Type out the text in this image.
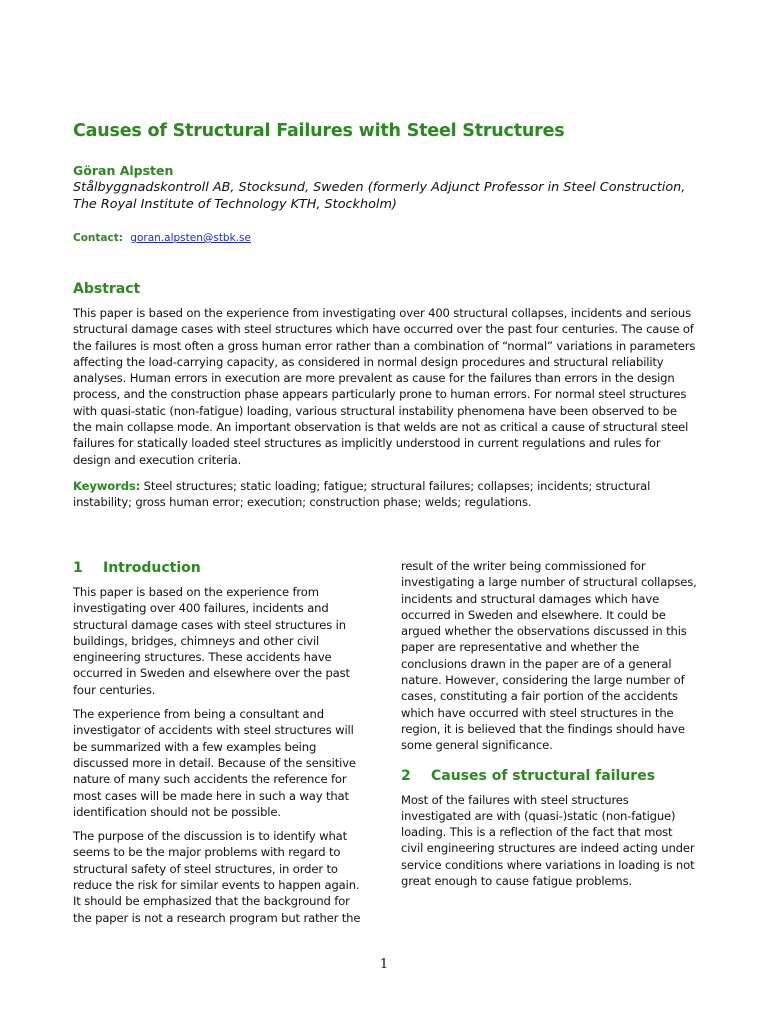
Causes of Structural Failures with Steel Structures

Göran Alpsten

Stålbyggnadskontroll AB, Stocksund, Sweden (formerly Adjunct Professor in Steel Construction,
The Royal Institute of Technology KTH, Stockholm)

Contact: goran.alpsten@stbk.se

Abstract

This paper is based on the experience from investigating over 400 structural collapses, incidents and serious structural damage cases with steel structures which have occurred over the past four centuries. The cause of the failures is most often a gross human error rather than a combination of “normal” variations in parameters affecting the load-carrying capacity, as considered in normal design procedures and structural reliability analyses. Human errors in execution are more prevalent as cause for the failures than errors in the design process, and the construction phase appears particularly prone to human errors. For normal steel structures with quasi-static (non-fatigue) loading, various structural instability phenomena have been observed to be the main collapse mode. An important observation is that welds are not as critical a cause of structural steel failures for statically loaded steel structures as implicitly understood in current regulations and rules for design and execution criteria.

Keywords: Steel structures; static loading; fatigue; structural failures; collapses; incidents; structural instability; gross human error; execution; construction phase; welds; regulations.

1 Introduction

This paper is based on the experience from investigating over 400 failures, incidents and structural damage cases with steel structures in buildings, bridges, chimneys and other civil engineering structures. These accidents have occurred in Sweden and elsewhere over the past four centuries.

The experience from being a consultant and investigator of accidents with steel structures will be summarized with a few examples being discussed more in detail. Because of the sensitive nature of many such accidents the reference for most cases will be made here in such a way that identification should not be possible.

The purpose of the discussion is to identify what seems to be the major problems with regard to structural safety of steel structures, in order to reduce the risk for similar events to happen again. It should be emphasized that the background for the paper is not a research program but rather the

result of the writer being commissioned for investigating a large number of structural collapses, incidents and structural damages which have occurred in Sweden and elsewhere. It could be argued whether the observations discussed in this paper are representative and whether the conclusions drawn in the paper are of a general nature. However, considering the large number of cases, constituting a fair portion of the accidents which have occurred with steel structures in the region, it is believed that the findings should have some general significance.

2 Causes of structural failures

Most of the failures with steel structures investigated are with (quasi-)static (non-fatigue) loading. This is a reflection of the fact that most civil engineering structures are indeed acting under service conditions where variations in loading is not great enough to cause fatigue problems.

1
